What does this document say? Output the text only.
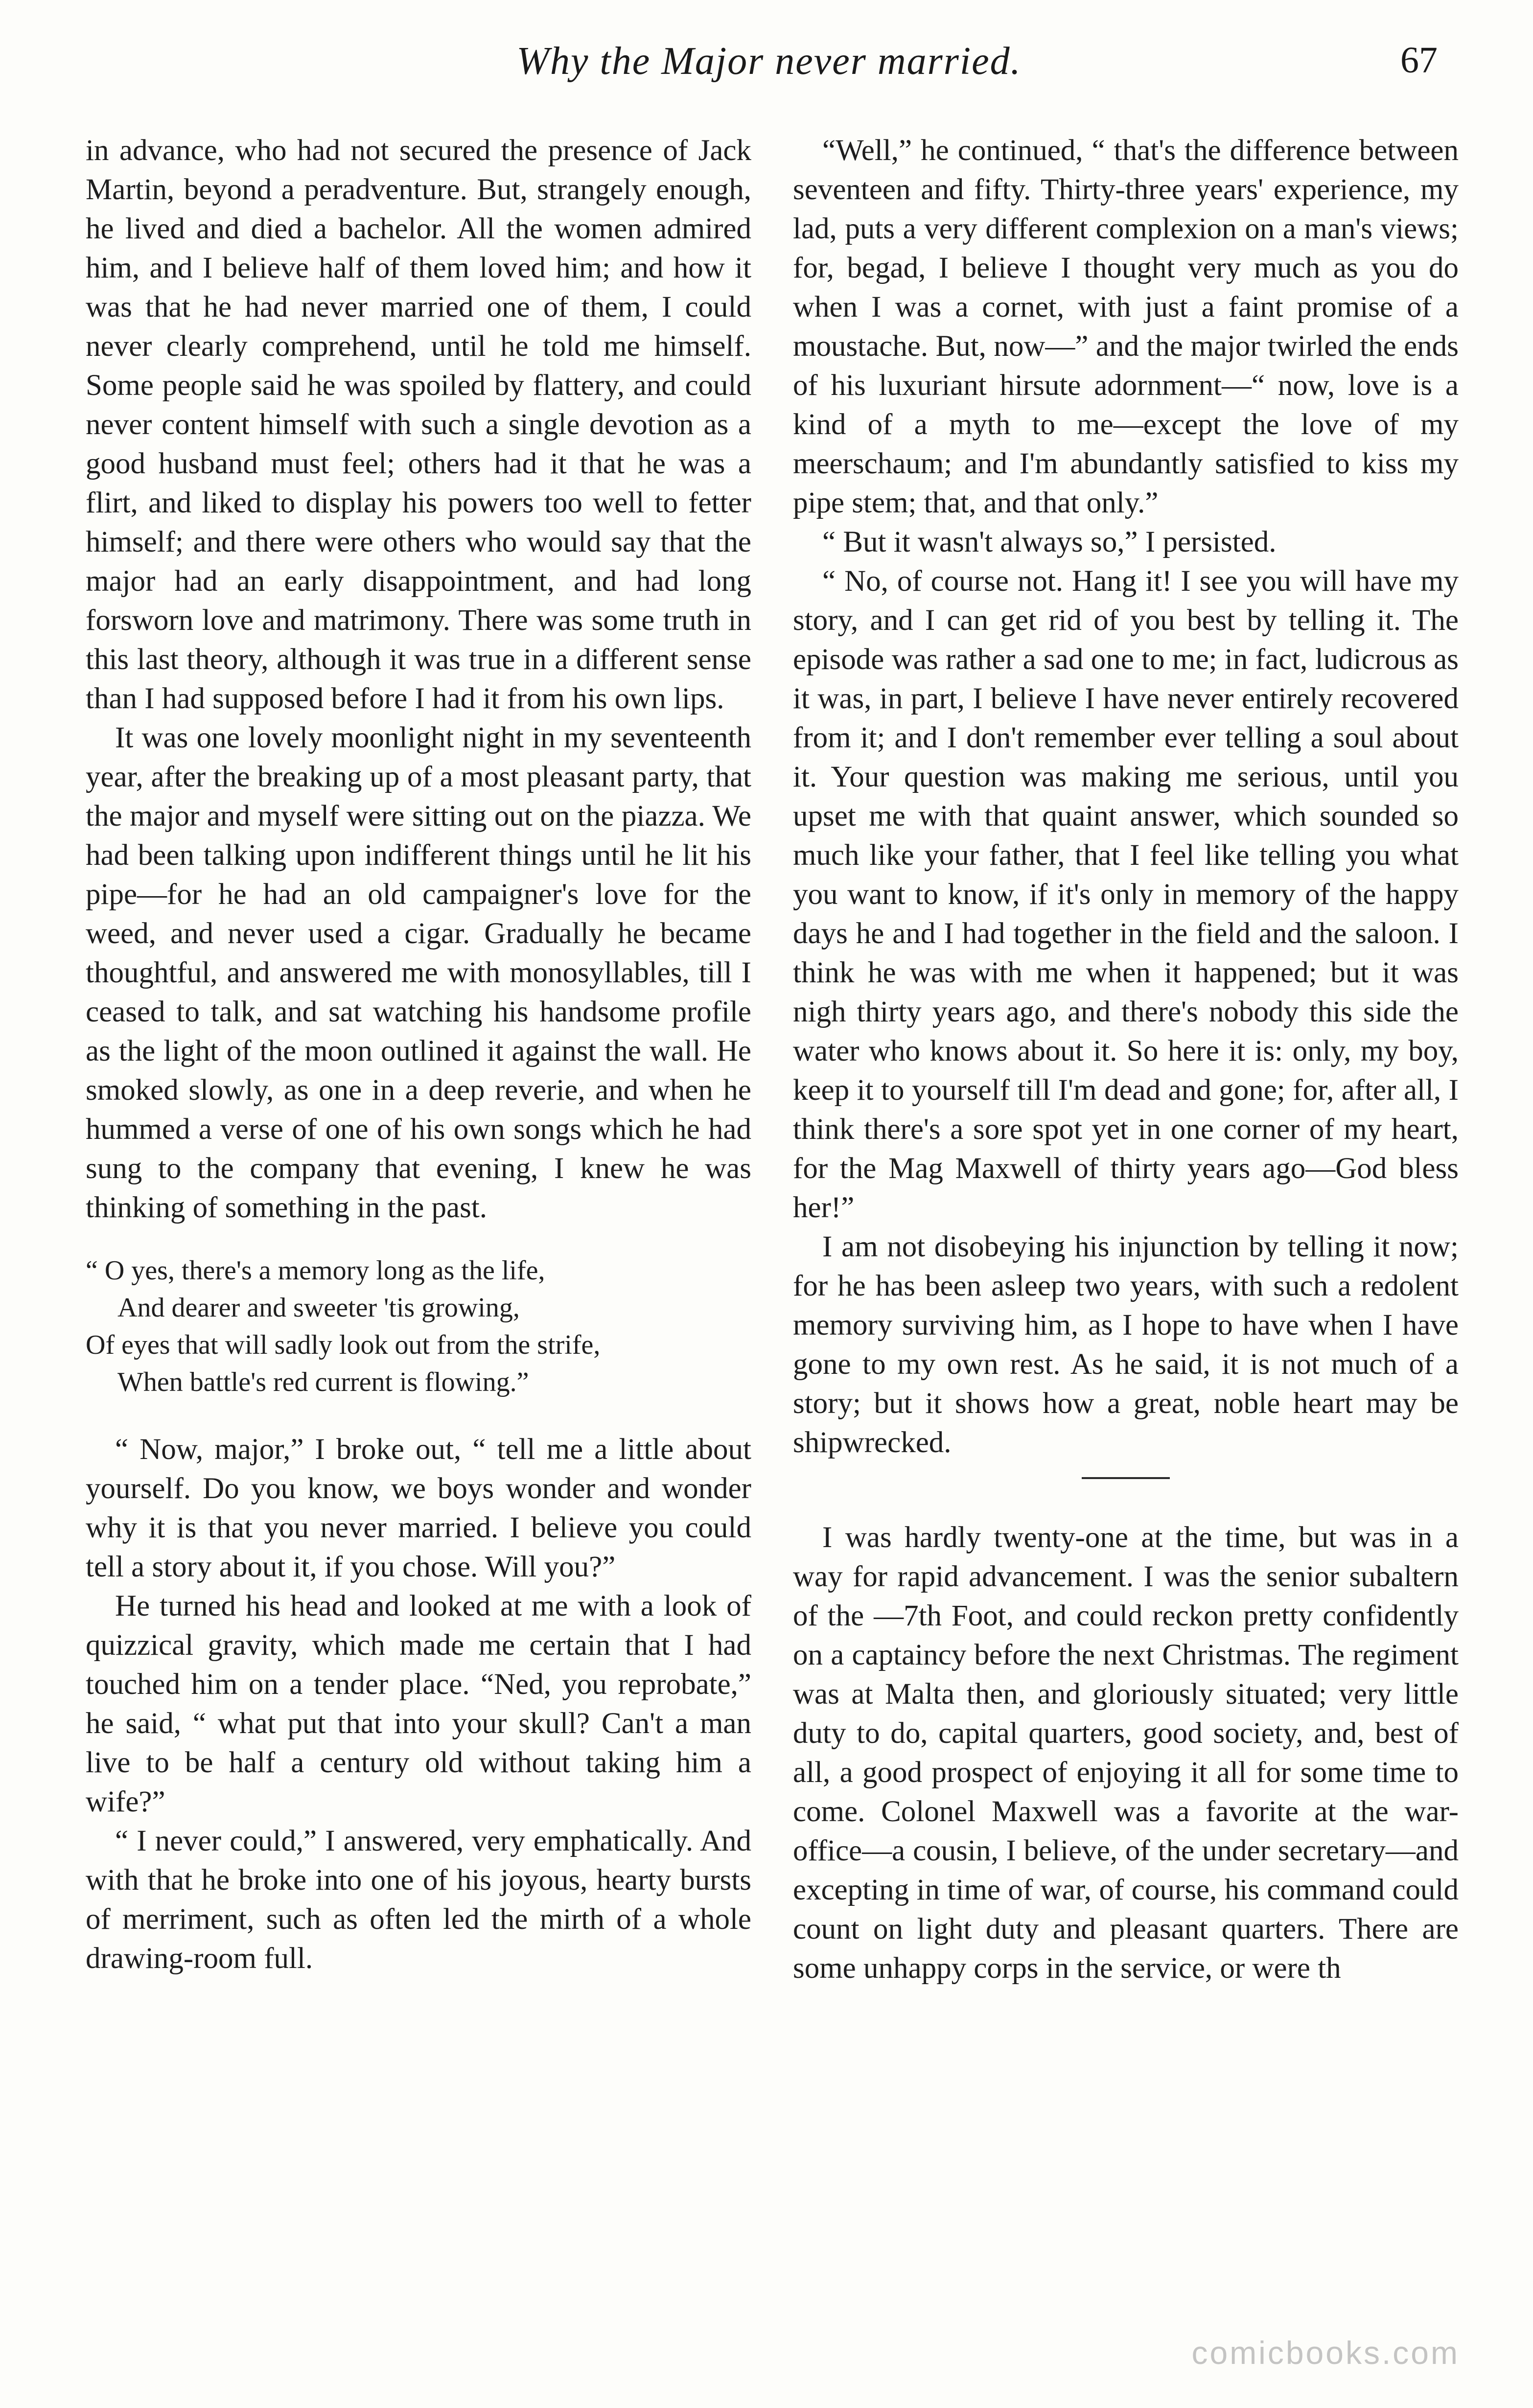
Why the Major never married.	67

in advance, who had not secured the presence of Jack Martin, beyond a peradventure. But, strangely enough, he lived and died a bachelor. All the women admired him, and I believe half of them loved him; and how it was that he had never married one of them, I could never clearly comprehend, until he told me himself. Some people said he was spoiled by flattery, and could never content himself with such a single devotion as a good husband must feel; others had it that he was a flirt, and liked to display his powers too well to fetter himself; and there were others who would say that the major had an early disappointment, and had long forsworn love and matrimony. There was some truth in this last theory, although it was true in a different sense than I had supposed before I had it from his own lips.

It was one lovely moonlight night in my seventeenth year, after the breaking up of a most pleasant party, that the major and myself were sitting out on the piazza. We had been talking upon indifferent things until he lit his pipe—for he had an old campaigner's love for the weed, and never used a cigar. Gradually he became thoughtful, and answered me with monosyllables, till I ceased to talk, and sat watching his handsome profile as the light of the moon outlined it against the wall. He smoked slowly, as one in a deep reverie, and when he hummed a verse of one of his own songs which he had sung to the company that evening, I knew he was thinking of something in the past.

“ O yes, there's a memory long as the life,
And dearer and sweeter 'tis growing,
Of eyes that will sadly look out from the strife,
When battle's red current is flowing.”

“ Now, major,” I broke out, “ tell me a little about yourself. Do you know, we boys wonder and wonder why it is that you never married. I believe you could tell a story about it, if you chose. Will you?”

He turned his head and looked at me with a look of quizzical gravity, which made me certain that I had touched him on a tender place. “Ned, you reprobate,” he said, “ what put that into your skull? Can't a man live to be half a century old without taking him a wife?”

“ I never could,” I answered, very emphatically. And with that he broke into one of his joyous, hearty bursts of merriment, such as often led the mirth of a whole drawing-room full.

“Well,” he continued, “ that's the difference between seventeen and fifty. Thirty-three years' experience, my lad, puts a very different complexion on a man's views; for, begad, I believe I thought very much as you do when I was a cornet, with just a faint promise of a moustache. But, now—” and the major twirled the ends of his luxuriant hirsute adornment—“ now, love is a kind of a myth to me—except the love of my meerschaum; and I'm abundantly satisfied to kiss my pipe stem; that, and that only.”

“ But it wasn't always so,” I persisted.

“ No, of course not. Hang it! I see you will have my story, and I can get rid of you best by telling it. The episode was rather a sad one to me; in fact, ludicrous as it was, in part, I believe I have never entirely recovered from it; and I don't remember ever telling a soul about it. Your question was making me serious, until you upset me with that quaint answer, which sounded so much like your father, that I feel like telling you what you want to know, if it's only in memory of the happy days he and I had together in the field and the saloon. I think he was with me when it happened; but it was nigh thirty years ago, and there's nobody this side the water who knows about it. So here it is: only, my boy, keep it to yourself till I'm dead and gone; for, after all, I think there's a sore spot yet in one corner of my heart, for the Mag Maxwell of thirty years ago—God bless her!”

I am not disobeying his injunction by telling it now; for he has been asleep two years, with such a redolent memory surviving him, as I hope to have when I have gone to my own rest. As he said, it is not much of a story; but it shows how a great, noble heart may be shipwrecked.

I was hardly twenty-one at the time, but was in a way for rapid advancement. I was the senior subaltern of the —7th Foot, and could reckon pretty confidently on a captaincy before the next Christmas. The regiment was at Malta then, and gloriously situated; very little duty to do, capital quarters, good society, and, best of all, a good prospect of enjoying it all for some time to come. Colonel Maxwell was a favorite at the war-office—a cousin, I believe, of the under secretary—and excepting in time of war, of course, his command could count on light duty and pleasant quarters. There are some unhappy corps in the service, or were th

comicbooks.com
